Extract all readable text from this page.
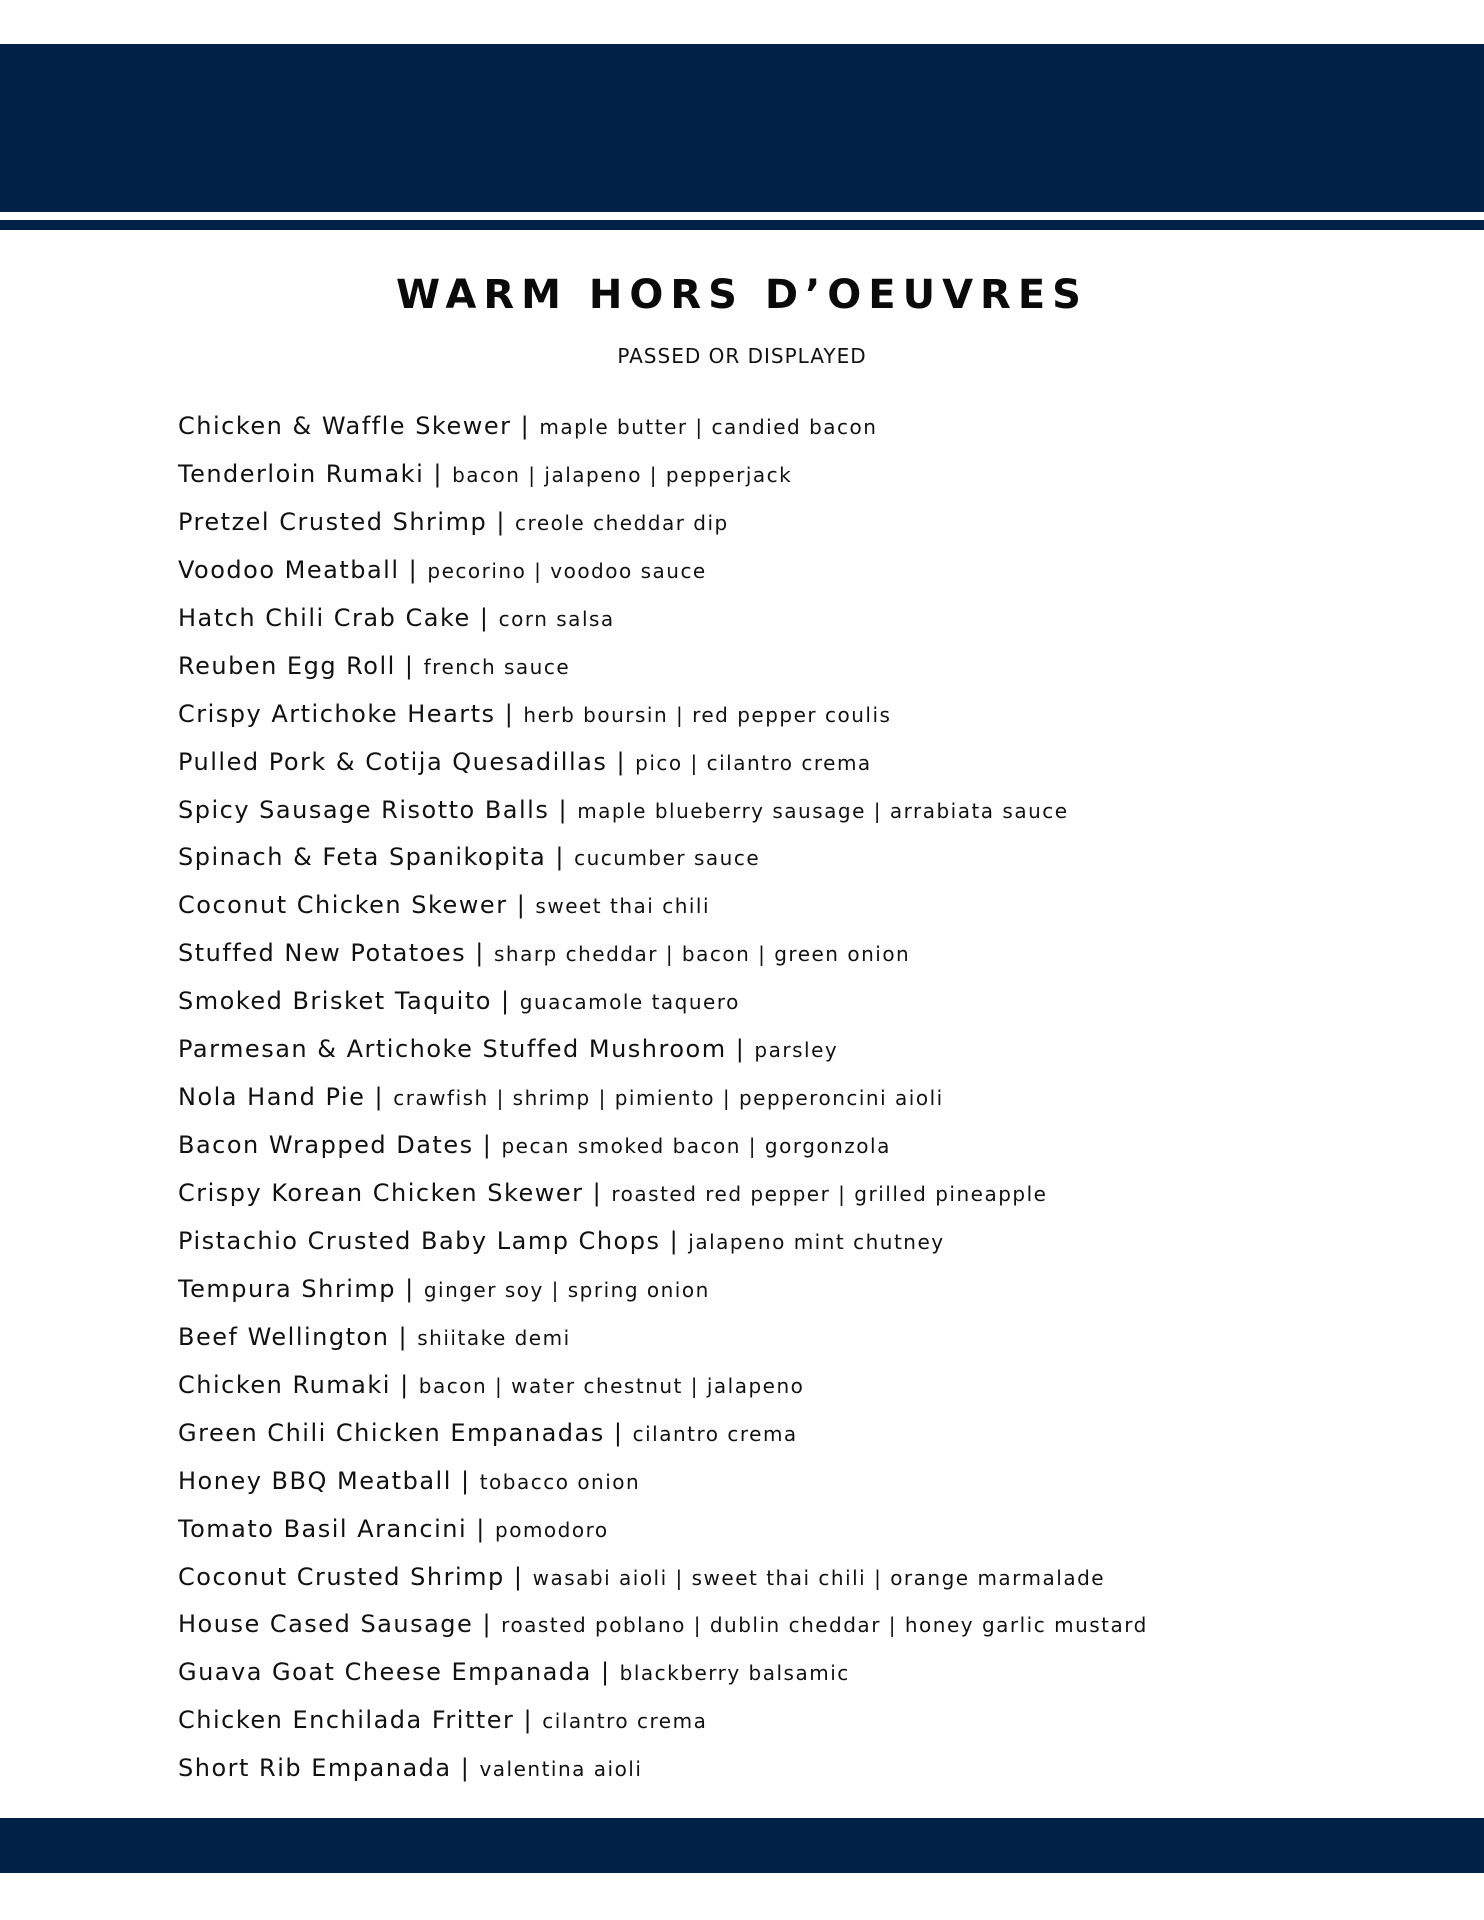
WARM HORS D’OEUVRES
PASSED OR DISPLAYED
Chicken & Waffle Skewer | maple butter | candied bacon
Tenderloin Rumaki | bacon | jalapeno | pepperjack
Pretzel Crusted Shrimp | creole cheddar dip
Voodoo Meatball | pecorino | voodoo sauce
Hatch Chili Crab Cake | corn salsa
Reuben Egg Roll | french sauce
Crispy Artichoke Hearts | herb boursin | red pepper coulis
Pulled Pork & Cotija Quesadillas | pico | cilantro crema
Spicy Sausage Risotto Balls | maple blueberry sausage | arrabiata sauce
Spinach & Feta Spanikopita | cucumber sauce
Coconut Chicken Skewer | sweet thai chili
Stuffed New Potatoes | sharp cheddar | bacon | green onion
Smoked Brisket Taquito | guacamole taquero
Parmesan & Artichoke Stuffed Mushroom | parsley
Nola Hand Pie | crawfish | shrimp | pimiento | pepperoncini aioli
Bacon Wrapped Dates | pecan smoked bacon | gorgonzola
Crispy Korean Chicken Skewer | roasted red pepper | grilled pineapple
Pistachio Crusted Baby Lamp Chops | jalapeno mint chutney
Tempura Shrimp | ginger soy | spring onion
Beef Wellington | shiitake demi
Chicken Rumaki | bacon | water chestnut | jalapeno
Green Chili Chicken Empanadas | cilantro crema
Honey BBQ Meatball | tobacco onion
Tomato Basil Arancini | pomodoro
Coconut Crusted Shrimp | wasabi aioli | sweet thai chili | orange marmalade
House Cased Sausage | roasted poblano | dublin cheddar | honey garlic mustard
Guava Goat Cheese Empanada | blackberry balsamic
Chicken Enchilada Fritter | cilantro crema
Short Rib Empanada | valentina aioli
